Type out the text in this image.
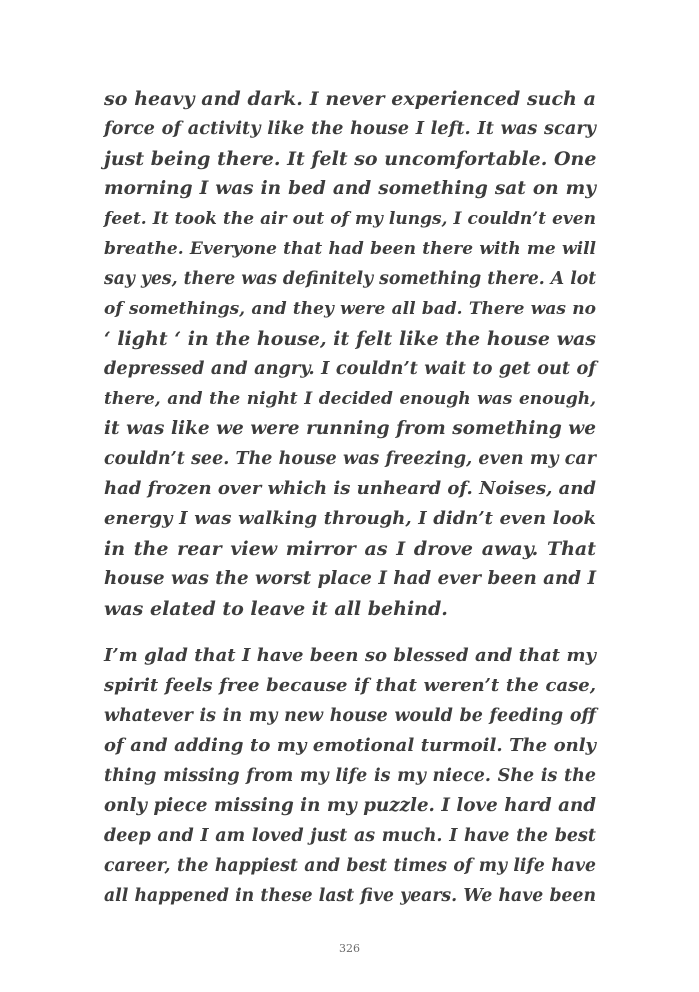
so heavy and dark. I never experienced such a
force of activity like the house I left. It was scary
just being there. It felt so uncomfortable. One
morning I was in bed and something sat on my
feet. It took the air out of my lungs, I couldn’t even
breathe. Everyone that had been there with me will
say yes, there was definitely something there. A lot
of somethings, and they were all bad. There was no
‘ light ‘ in the house, it felt like the house was
depressed and angry. I couldn’t wait to get out of
there, and the night I decided enough was enough,
it was like we were running from something we
couldn’t see. The house was freezing, even my car
had frozen over which is unheard of. Noises, and
energy I was walking through, I didn’t even look
in the rear view mirror as I drove away. That
house was the worst place I had ever been and I
was elated to leave it all behind.

I’m glad that I have been so blessed and that my
spirit feels free because if that weren’t the case,
whatever is in my new house would be feeding off
of and adding to my emotional turmoil. The only
thing missing from my life is my niece. She is the
only piece missing in my puzzle. I love hard and
deep and I am loved just as much. I have the best
career, the happiest and best times of my life have
all happened in these last five years. We have been

326
